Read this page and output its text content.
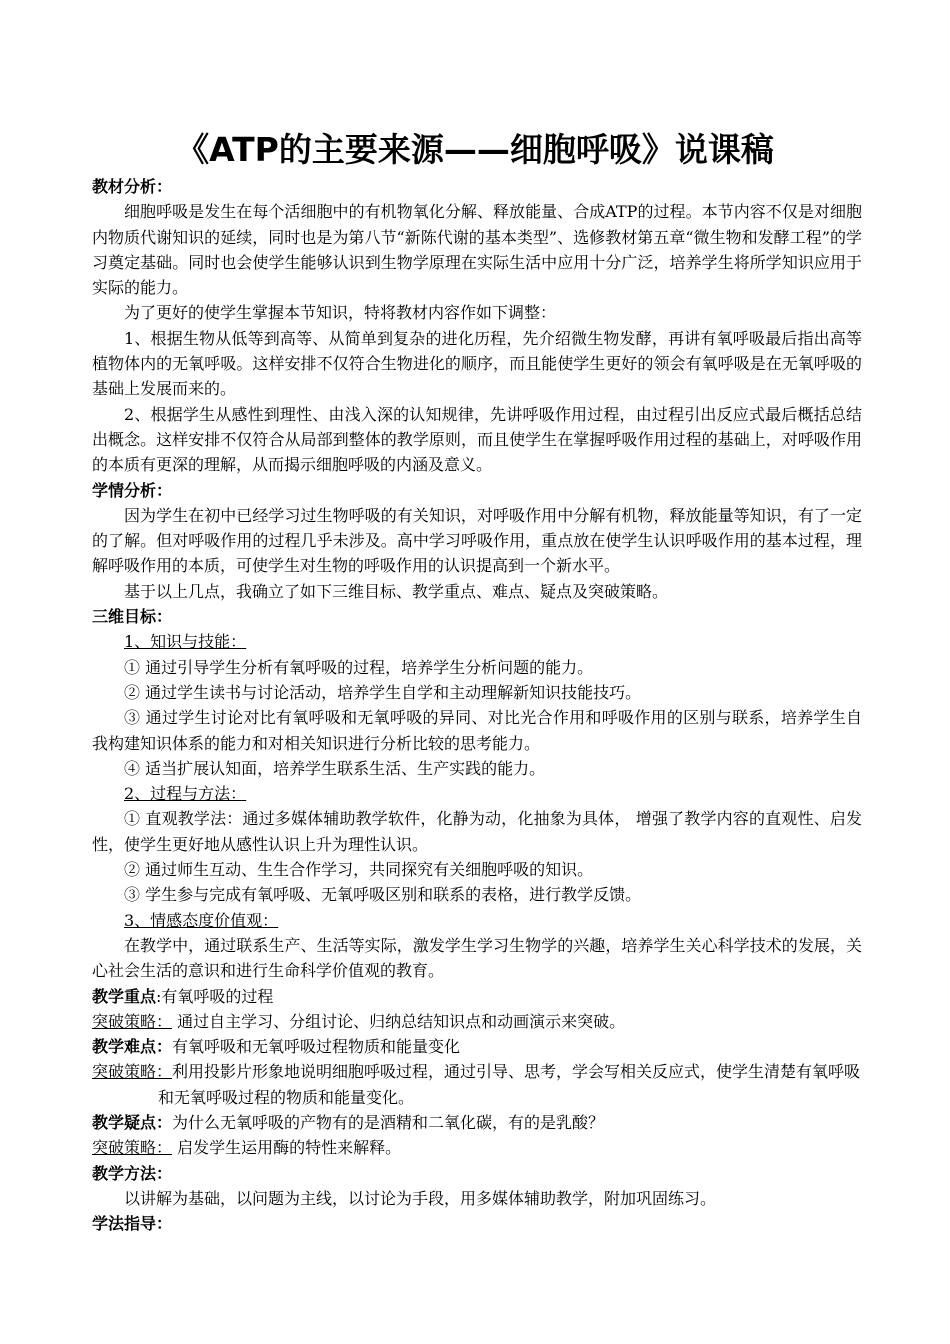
《ATP的主要来源——细胞呼吸》说课稿
教材分析：
细胞呼吸是发生在每个活细胞中的有机物氧化分解、释放能量、合成ATP的过程。本节内容不仅是对细胞内物质代谢知识的延续，同时也是为第八节“新陈代谢的基本类型”、选修教材第五章“微生物和发酵工程”的学习奠定基础。同时也会使学生能够认识到生物学原理在实际生活中应用十分广泛，培养学生将所学知识应用于实际的能力。
为了更好的使学生掌握本节知识，特将教材内容作如下调整：
1、根据生物从低等到高等、从简单到复杂的进化历程，先介绍微生物发酵，再讲有氧呼吸最后指出高等植物体内的无氧呼吸。这样安排不仅符合生物进化的顺序，而且能使学生更好的领会有氧呼吸是在无氧呼吸的基础上发展而来的。
2、根据学生从感性到理性、由浅入深的认知规律，先讲呼吸作用过程，由过程引出反应式最后概括总结出概念。这样安排不仅符合从局部到整体的教学原则，而且使学生在掌握呼吸作用过程的基础上，对呼吸作用的本质有更深的理解，从而揭示细胞呼吸的内涵及意义。
学情分析：
因为学生在初中已经学习过生物呼吸的有关知识，对呼吸作用中分解有机物，释放能量等知识，有了一定的了解。但对呼吸作用的过程几乎未涉及。高中学习呼吸作用，重点放在使学生认识呼吸作用的基本过程，理解呼吸作用的本质，可使学生对生物的呼吸作用的认识提高到一个新水平。
基于以上几点，我确立了如下三维目标、教学重点、难点、疑点及突破策略。
三维目标：
1、知识与技能：
① 通过引导学生分析有氧呼吸的过程，培养学生分析问题的能力。
② 通过学生读书与讨论活动，培养学生自学和主动理解新知识技能技巧。
③ 通过学生讨论对比有氧呼吸和无氧呼吸的异同、对比光合作用和呼吸作用的区别与联系，培养学生自我构建知识体系的能力和对相关知识进行分析比较的思考能力。
④ 适当扩展认知面，培养学生联系生活、生产实践的能力。
2、过程与方法：
① 直观教学法：通过多媒体辅助教学软件，化静为动，化抽象为具体， 增强了教学内容的直观性、启发性，使学生更好地从感性认识上升为理性认识。
② 通过师生互动、生生合作学习，共同探究有关细胞呼吸的知识。
③ 学生参与完成有氧呼吸、无氧呼吸区别和联系的表格，进行教学反馈。
3、情感态度价值观：
在教学中，通过联系生产、生活等实际，激发学生学习生物学的兴趣，培养学生关心科学技术的发展，关心社会生活的意识和进行生命科学价值观的教育。
教学重点:有氧呼吸的过程
突破策略： 通过自主学习、分组讨论、归纳总结知识点和动画演示来突破。
教学难点：有氧呼吸和无氧呼吸过程物质和能量变化
突破策略：利用投影片形象地说明细胞呼吸过程，通过引导、思考，学会写相关反应式，使学生清楚有氧呼吸和无氧呼吸过程的物质和能量变化。
教学疑点：为什么无氧呼吸的产物有的是酒精和二氧化碳，有的是乳酸？
突破策略： 启发学生运用酶的特性来解释。
教学方法：
以讲解为基础，以问题为主线，以讨论为手段，用多媒体辅助教学，附加巩固练习。
学法指导：
